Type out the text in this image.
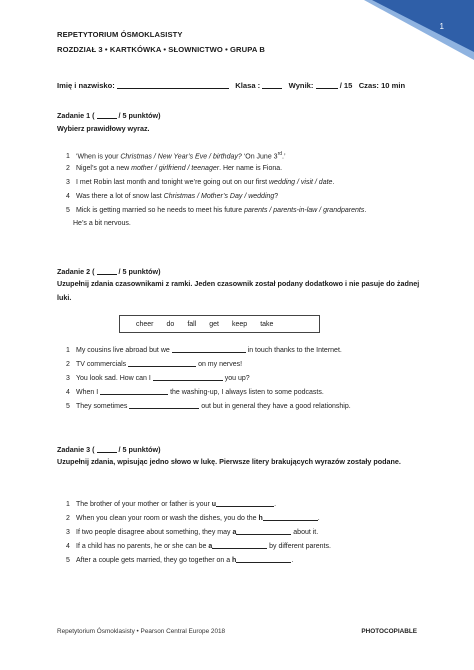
1
REPETYTORIUM ÓSMOKLASISTY
ROZDZIAŁ 3 • KARTKÓWKA • SŁOWNICTWO • GRUPA B
Imię i nazwisko:	Klasa :	Wynik:	/ 15 Czas: 10 min
Zadanie 1 (	/ 5 punktów)
Wybierz prawidłowy wyraz.
1 ‘When is your Christmas / New Year’s Eve / birthday? ‘On June 3rd.’
2 Nigel’s got a new mother / girlfriend / teenager. Her name is Fiona.
3 I met Robin last month and tonight we’re going out on our first wedding / visit / date.
4 Was there a lot of snow last Christmas / Mother’s Day / wedding?
5 Mick is getting married so he needs to meet his future parents / parents-in-law / grandparents.
He’s a bit nervous.
Zadanie 2 (	/ 5 punktów)
Uzupełnij zdania czasownikami z ramki. Jeden czasownik został podany dodatkowo i nie pasuje do żadnej luki.
cheer do fall get keep take
1 My cousins live abroad but we	in touch thanks to the Internet.
2 TV commercials	on my nerves!
3 You look sad. How can I	you up?
4 When I	the washing-up, I always listen to some podcasts.
5 They sometimes	out but in general they have a good relationship.
Zadanie 3 (	/ 5 punktów)
Uzupełnij zdania, wpisując jedno słowo w lukę. Pierwsze litery brakujących wyrazów zostały podane.
1 The brother of your mother or father is your u	.
2 When you clean your room or wash the dishes, you do the h	.
3 If two people disagree about something, they may a	about it.
4 If a child has no parents, he or she can be a	by different parents.
5 After a couple gets married, they go together on a h	.
Repetytorium Ósmoklasisty • Pearson Central Europe 2018	PHOTOCOPIABLE
